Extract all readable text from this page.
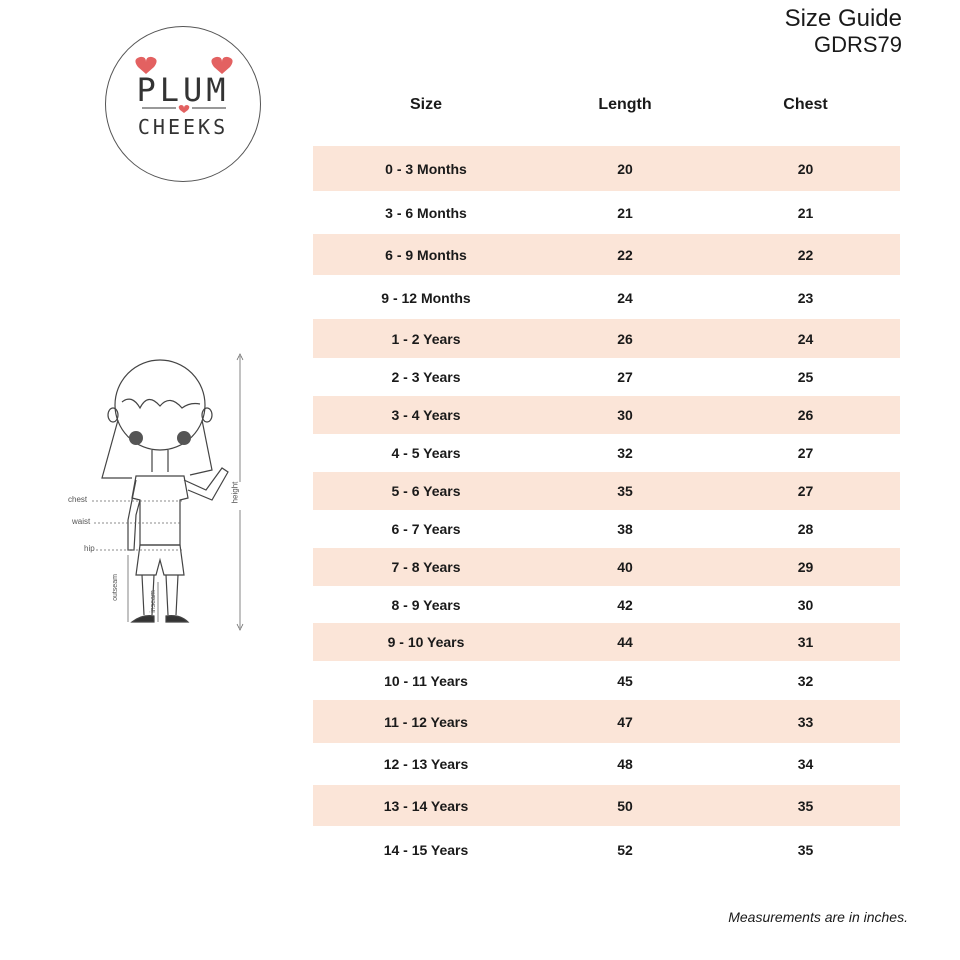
Size Guide
GDRS79
PLUM
CHEEKS
chest
waist
hip
outseam
inseam
height
Size	Length	Chest
0 - 3 Months	20	20
3 - 6 Months	21	21
6 - 9 Months	22	22
9 - 12 Months	24	23
1 - 2 Years	26	24
2 - 3 Years	27	25
3 - 4 Years	30	26
4 - 5 Years	32	27
5 - 6 Years	35	27
6 - 7 Years	38	28
7 - 8 Years	40	29
8 - 9 Years	42	30
9 - 10 Years	44	31
10 - 11 Years	45	32
11 - 12 Years	47	33
12 - 13 Years	48	34
13 - 14 Years	50	35
14 - 15 Years	52	35
Measurements are in inches.
